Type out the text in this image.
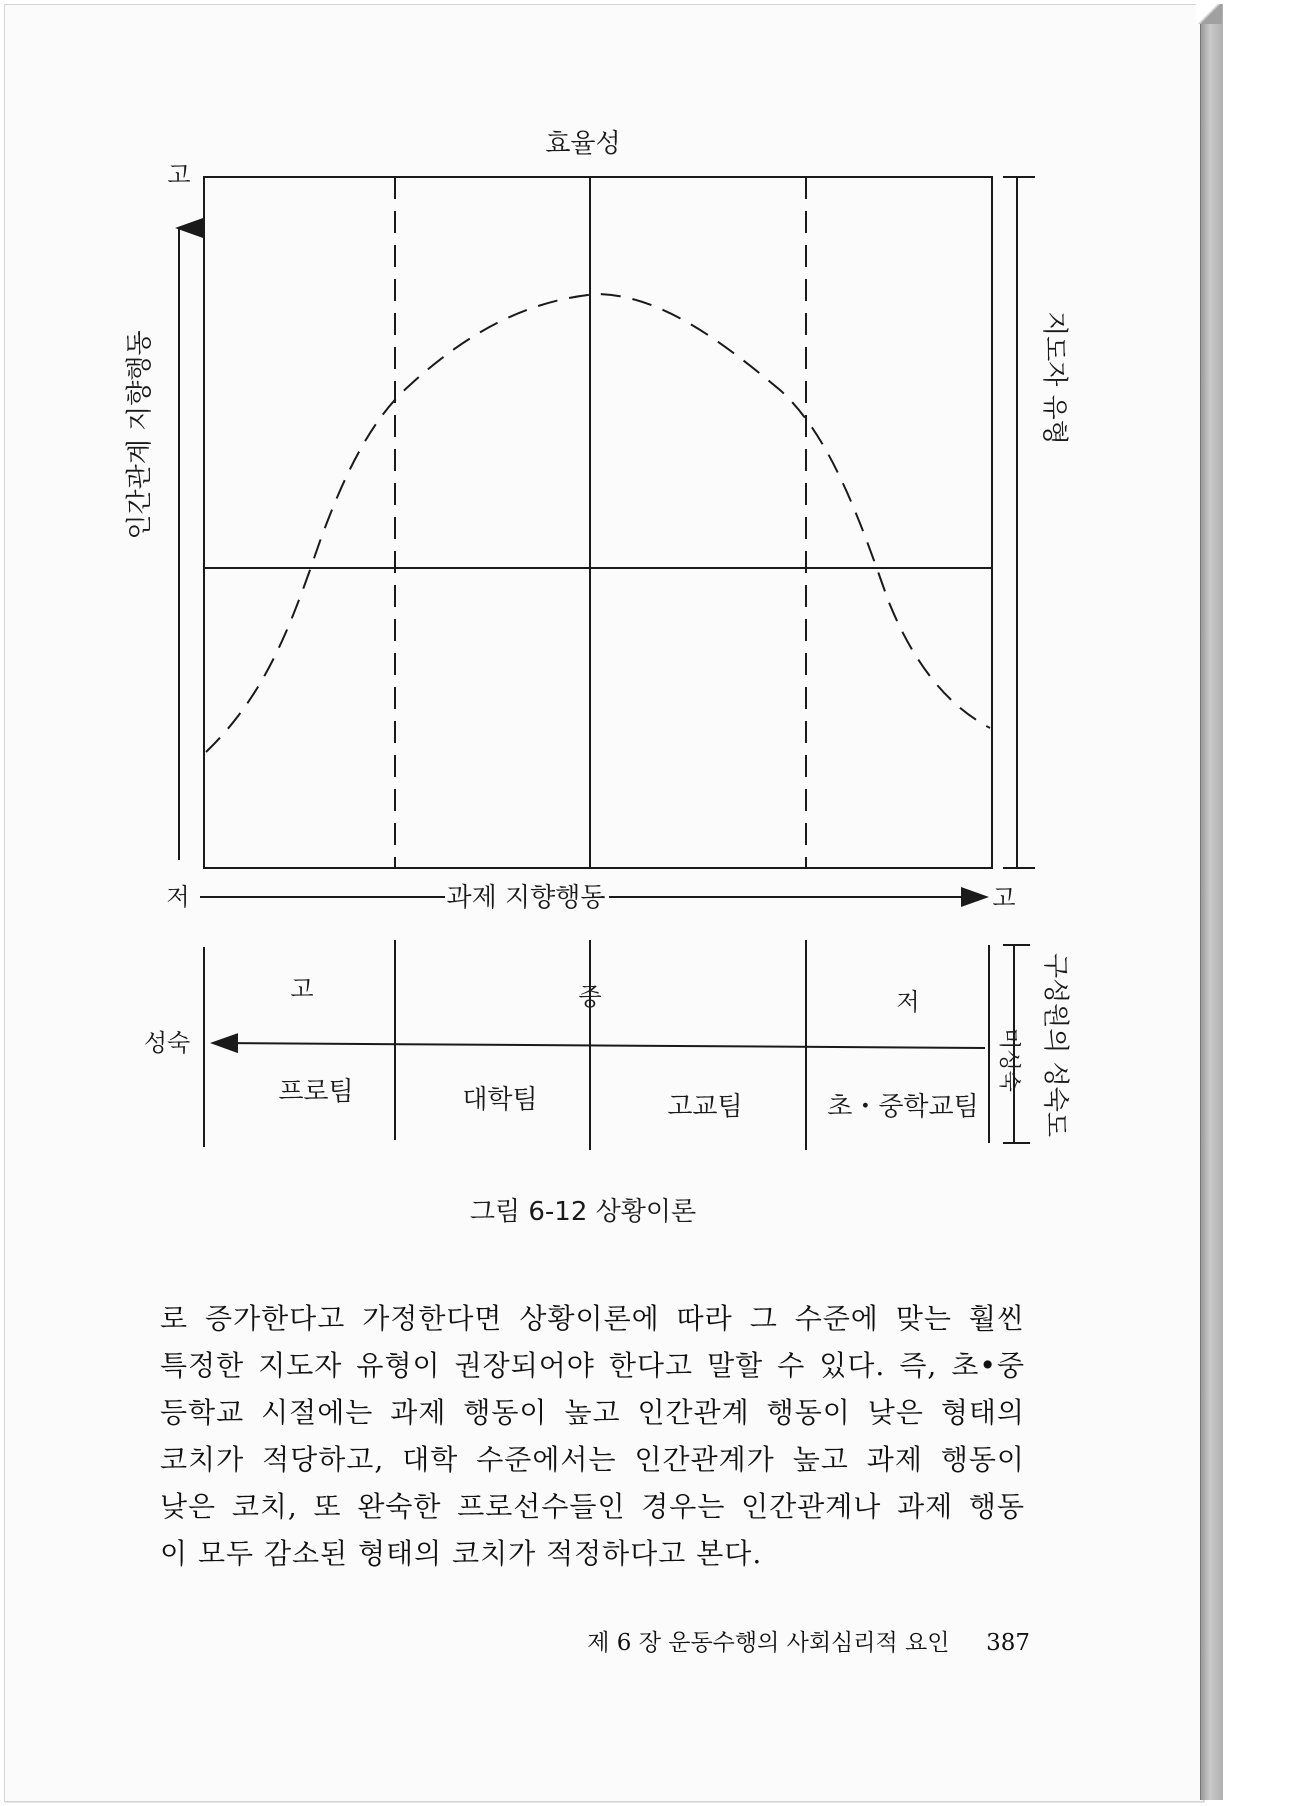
효율성
고
저
인간관계 지향행동
과제 지향행동	고
지도자 유형
고	중	저
성숙	미성숙
프로팀	대학팀	고교팀	초・중학교팀 구성원의 성숙도
그림 6-12 상황이론
로 증가한다고 가정한다면 상황이론에 따라 그 수준에 맞는 훨씬
특정한 지도자 유형이 권장되어야 한다고 말할 수 있다. 즉, 초•중
등학교 시절에는 과제 행동이 높고 인간관계 행동이 낮은 형태의
코치가 적당하고, 대학 수준에서는 인간관계가 높고 과제 행동이
낮은 코치, 또 완숙한 프로선수들인 경우는 인간관계나 과제 행동
이 모두 감소된 형태의 코치가 적정하다고 본다.
제 6 장 운동수행의 사회심리적 요인 387
